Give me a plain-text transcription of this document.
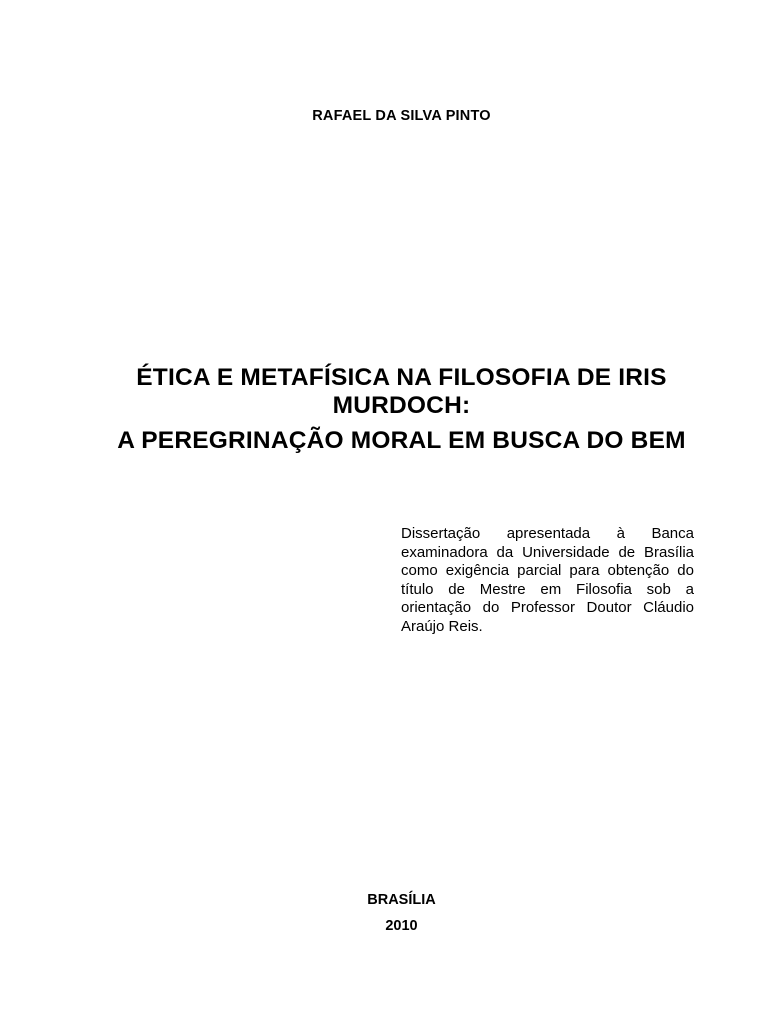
RAFAEL DA SILVA PINTO
ÉTICA E METAFÍSICA NA FILOSOFIA DE IRIS MURDOCH:
A PEREGRINAÇÃO MORAL EM BUSCA DO BEM
Dissertação apresentada à Banca examinadora da Universidade de Brasília como exigência parcial para obtenção do título de Mestre em Filosofia sob a orientação do Professor Doutor Cláudio Araújo Reis.
BRASÍLIA
2010
